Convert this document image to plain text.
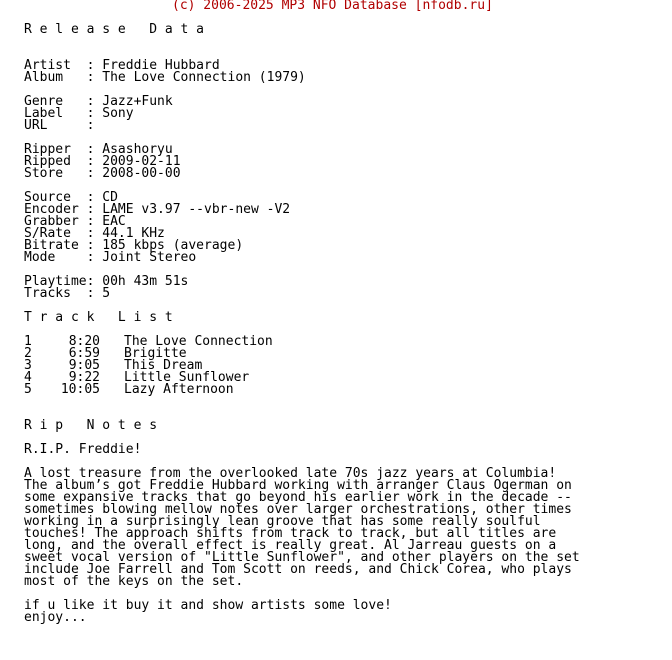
(c) 2006-2025 MP3 NFO Database [nfodb.ru]
R e l e a s e   D a t a
Artist  : Freddie Hubbard
Album   : The Love Connection (1979)
Genre   : Jazz+Funk
Label   : Sony
URL     :
Ripper  : Asashoryu
Ripped  : 2009-02-11
Store   : 2008-00-00
Source  : CD
Encoder : LAME v3.97 --vbr-new -V2
Grabber : EAC
S/Rate  : 44.1 KHz
Bitrate : 185 kbps (average)
Mode    : Joint Stereo
Playtime: 00h 43m 51s
Tracks  : 5
T r a c k   L i s t
1	8:20 The Love Connection
2	6:59 Brigitte
3	9:05 This Dream
4	9:22 Little Sunflower
5	10:05 Lazy Afternoon
R i p   N o t e s
R.I.P. Freddie!
A lost treasure from the overlooked late 70s jazz years at Columbia!
The album’s got Freddie Hubbard working with arranger Claus Ogerman on
some expansive tracks that go beyond his earlier work in the decade --
sometimes blowing mellow notes over larger orchestrations, other times
working in a surprisingly lean groove that has some really soulful
touches! The approach shifts from track to track, but all titles are
long, and the overall effect is really great. Al Jarreau guests on a
sweet vocal version of "Little Sunflower", and other players on the set
include Joe Farrell and Tom Scott on reeds, and Chick Corea, who plays
most of the keys on the set.
if u like it buy it and show artists some love!
enjoy...
